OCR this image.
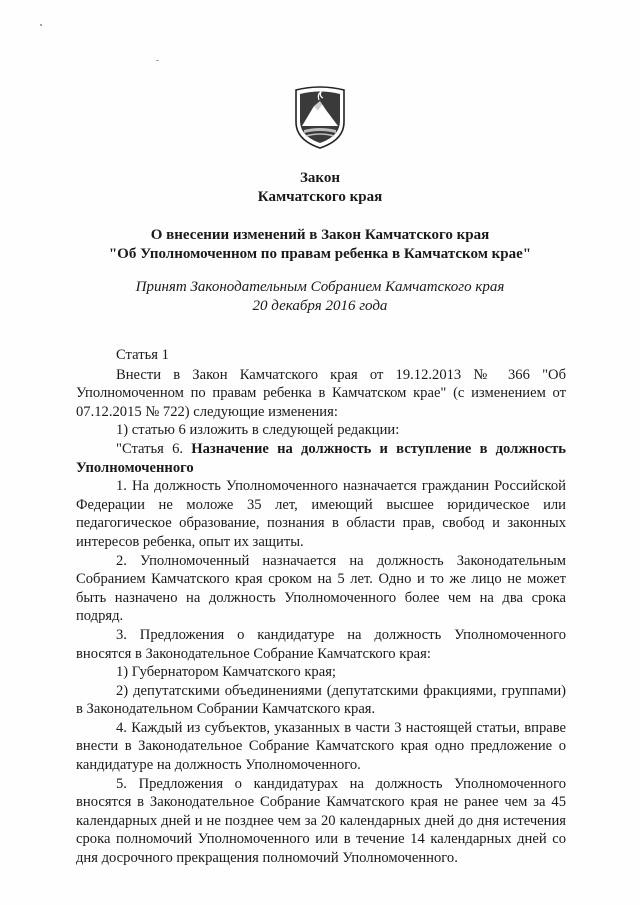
Закон
Камчатского края
О внесении изменений в Закон Камчатского края
"Об Уполномоченном по правам ребенка в Камчатском крае"
Принят Законодательным Собранием Камчатского края
20 декабря 2016 года

Статья 1

Внести в Закон Камчатского края от 19.12.2013 № 366 "Об Уполномоченном по правам ребенка в Камчатском крае" (с изменением от 07.12.2015 № 722) следующие изменения:

1) статью 6 изложить в следующей редакции:

"Статья 6. Назначение на должность и вступление в должность Уполномоченного

1. На должность Уполномоченного назначается гражданин Российской Федерации не моложе 35 лет, имеющий высшее юридическое или педагогическое образование, познания в области прав, свобод и законных интересов ребенка, опыт их защиты.

2. Уполномоченный назначается на должность Законодательным Собранием Камчатского края сроком на 5 лет. Одно и то же лицо не может быть назначено на должность Уполномоченного более чем на два срока подряд.

3. Предложения о кандидатуре на должность Уполномоченного вносятся в Законодательное Собрание Камчатского края:

1) Губернатором Камчатского края;

2) депутатскими объединениями (депутатскими фракциями, группами) в Законодательном Собрании Камчатского края.

4. Каждый из субъектов, указанных в части 3 настоящей статьи, вправе внести в Законодательное Собрание Камчатского края одно предложение о кандидатуре на должность Уполномоченного.

5. Предложения о кандидатурах на должность Уполномоченного вносятся в Законодательное Собрание Камчатского края не ранее чем за 45 календарных дней и не позднее чем за 20 календарных дней до дня истечения срока полномочий Уполномоченного или в течение 14 календарных дней со дня досрочного прекращения полномочий Уполномоченного.
